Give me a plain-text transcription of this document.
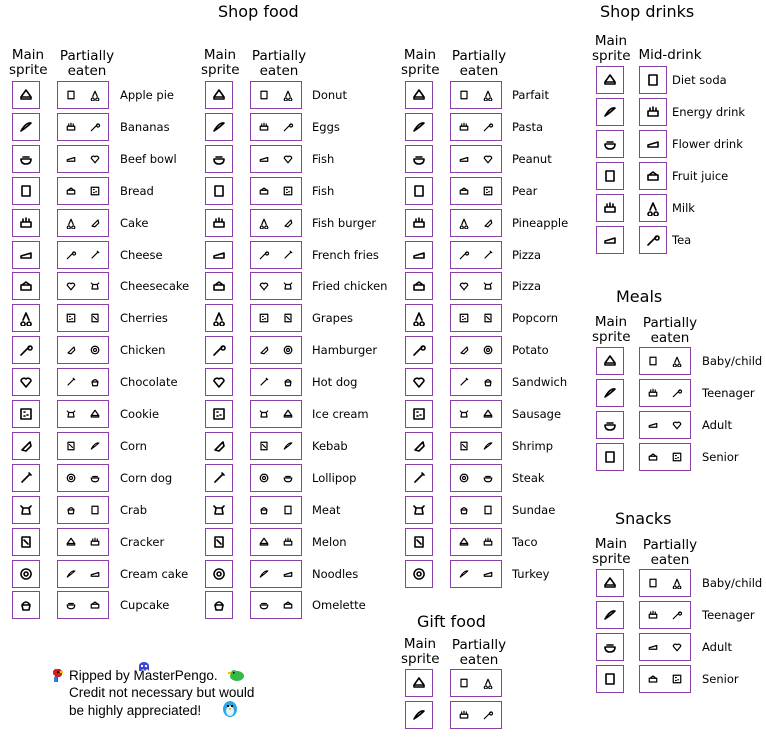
Shop food	Shop drinks
Meals
Snacks
Gift food
Main
sprite
Partially
eaten
Main
sprite
Partially
eaten
Main
sprite
Partially
eaten
Main
sprite Mid-drink
Main
sprite
Partially
eaten
Main
sprite
Partially
eaten
Main
sprite
Partially
eaten
Apple pie
Bananas
Beef bowl
Bread
Cake
Cheese
Cheesecake
Cherries
Chicken
Chocolate
Cookie
Corn
Corn dog
Crab
Cracker
Cream cake
Cupcake
Donut
Eggs
Fish
Fish
Fish burger
French fries
Fried chicken
Grapes
Hamburger
Hot dog
Ice cream
Kebab
Lollipop
Meat
Melon
Noodles
Omelette
Parfait
Pasta
Peanut
Pear
Pineapple
Pizza
Pizza
Popcorn
Potato
Sandwich
Sausage
Shrimp
Steak
Sundae
Taco
Turkey
Diet soda
Energy drink
Flower drink
Fruit juice
Milk
Tea
Baby/child
Teenager
Adult
Senior
Baby/child
Teenager
Adult
Senior
Ripped by MasterPengo.
Credit not necessary but would
be highly appreciated!
